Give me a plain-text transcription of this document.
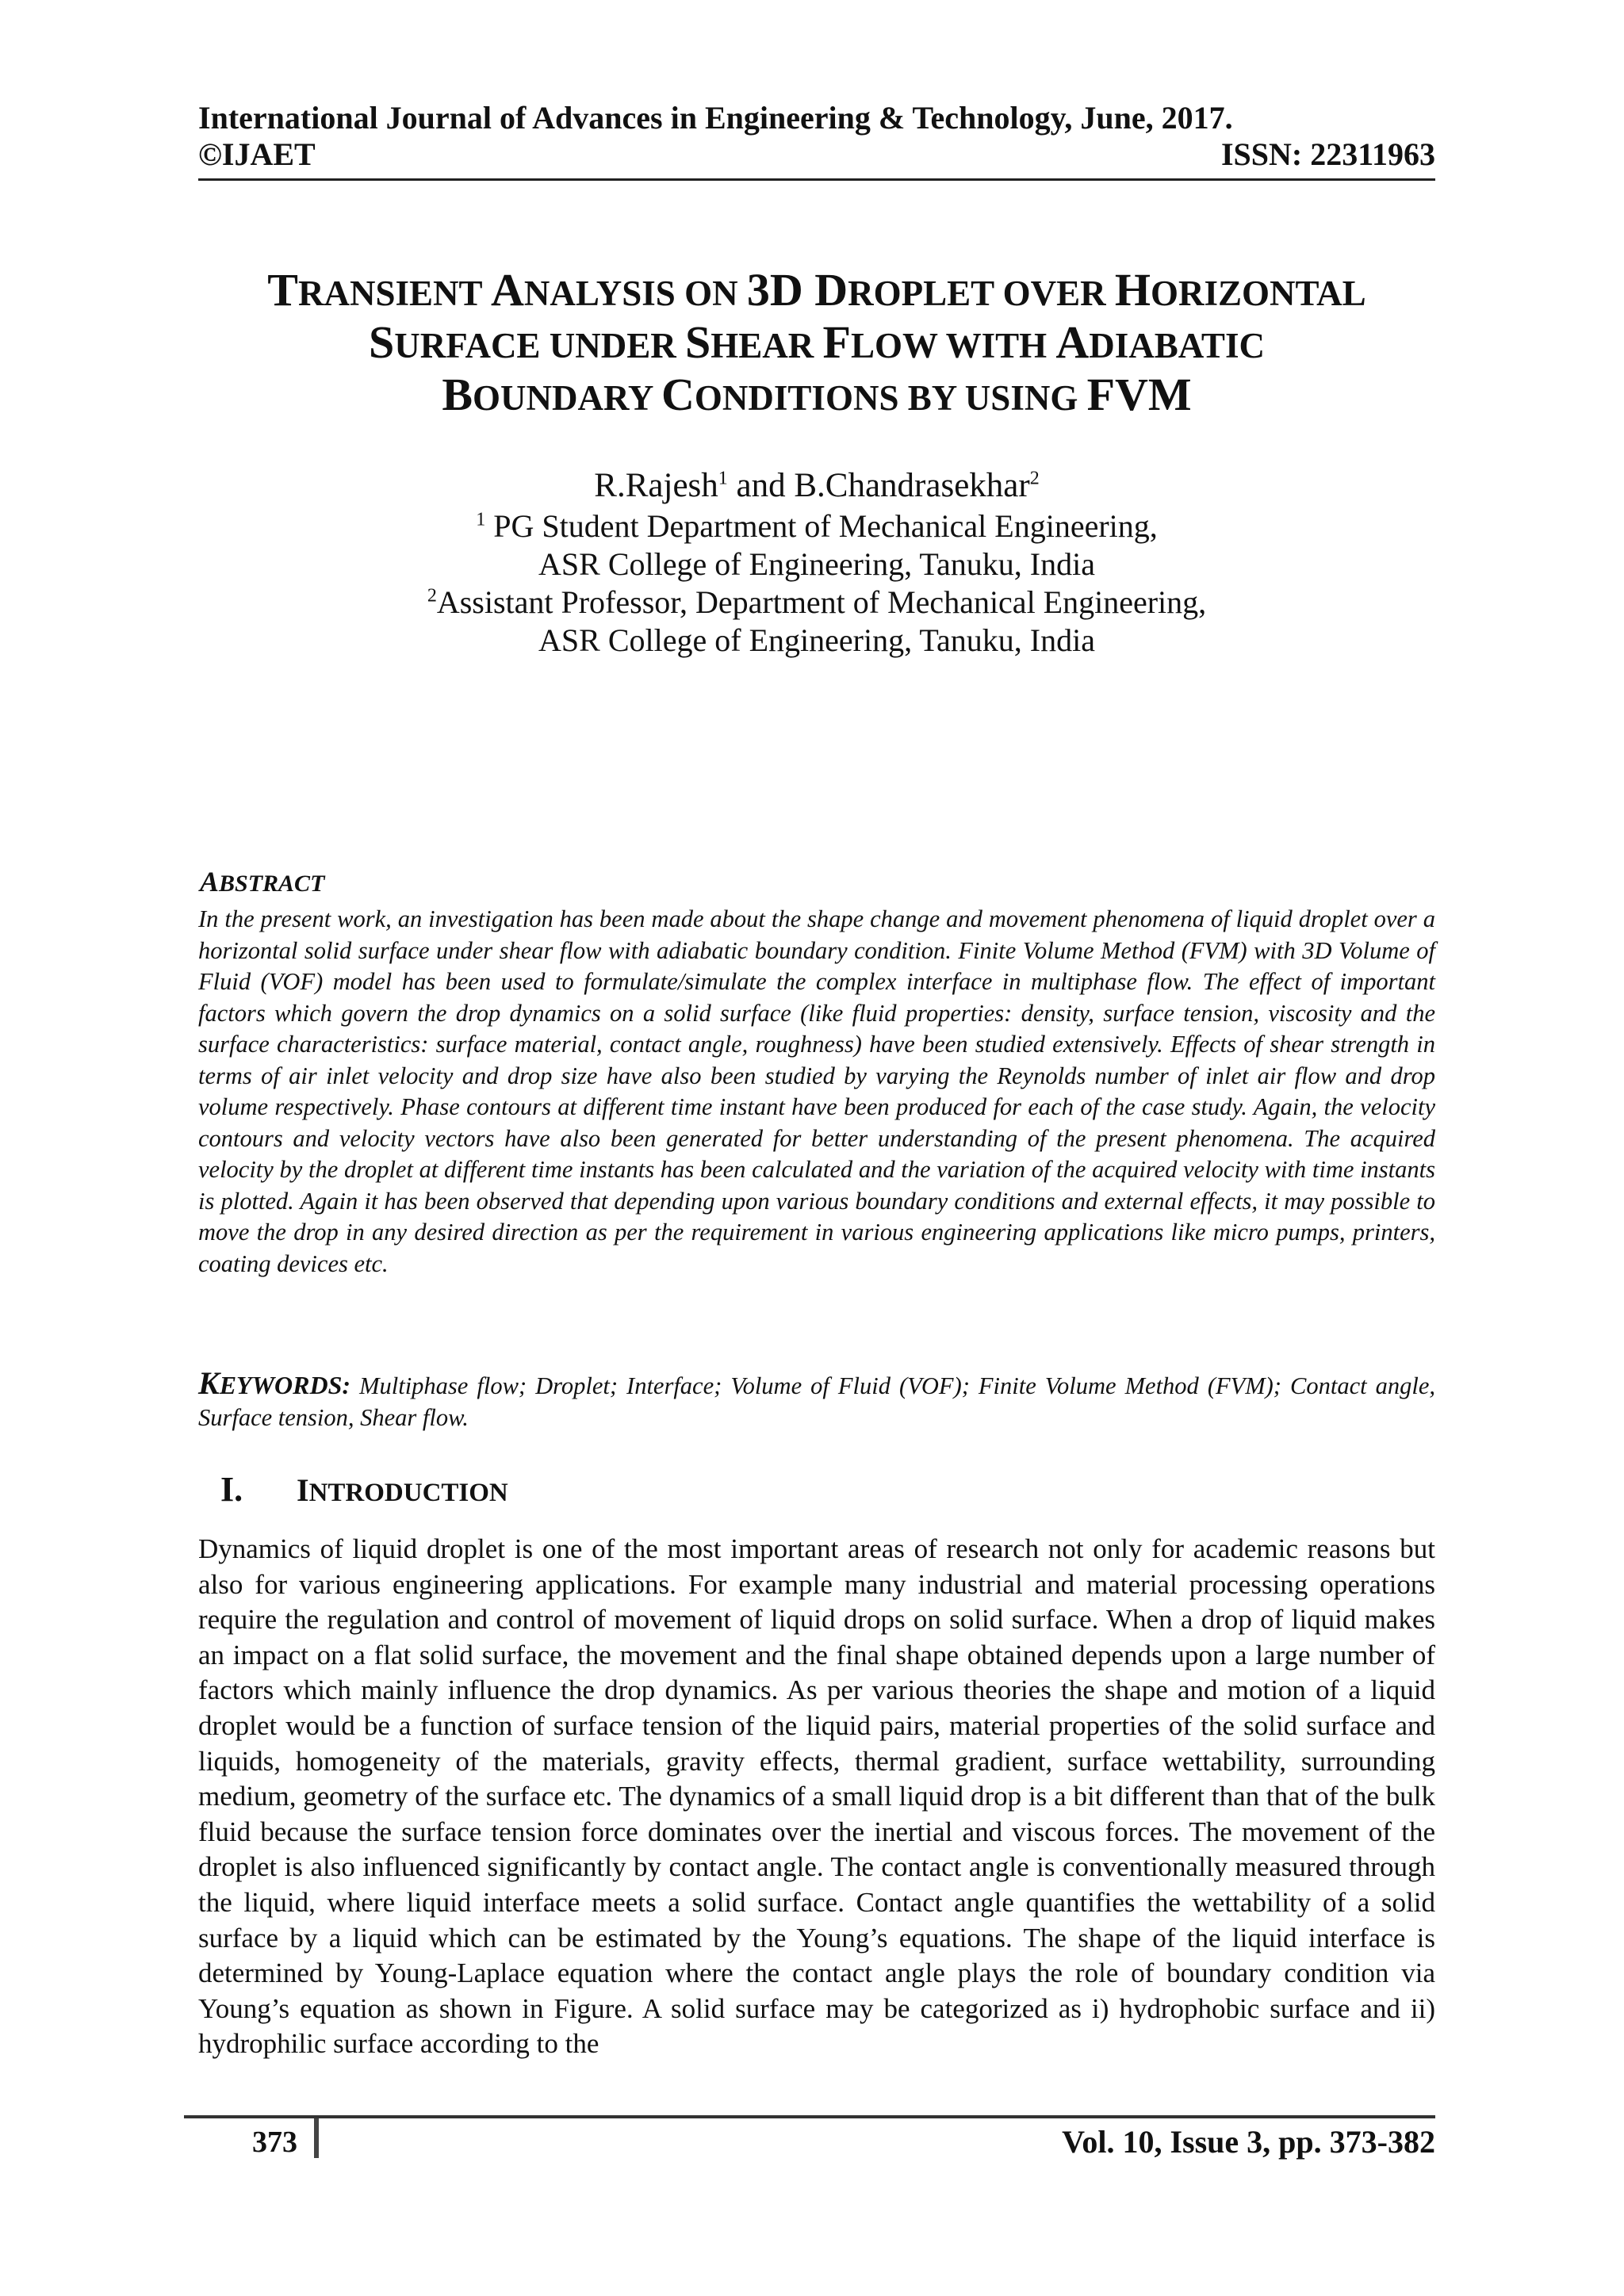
International Journal of Advances in Engineering & Technology, June, 2017.
©IJAET	ISSN: 22311963
TRANSIENT ANALYSIS ON 3D DROPLET OVER HORIZONTAL
SURFACE UNDER SHEAR FLOW WITH ADIABATIC
BOUNDARY CONDITIONS BY USING FVM
R.Rajesh$^1$ and B.Chandrasekhar$^2$
$^1$ PG Student Department of Mechanical Engineering,
ASR College of Engineering, Tanuku, India
$^2$Assistant Professor, Department of Mechanical Engineering,
ASR College of Engineering, Tanuku, India
ABSTRACT

In the present work, an investigation has been made about the shape change and movement phenomena of liquid droplet over a horizontal solid surface under shear flow with adiabatic boundary condition. Finite Volume Method (FVM) with 3D Volume of Fluid (VOF) model has been used to formulate/simulate the complex interface in multiphase flow. The effect of important factors which govern the drop dynamics on a solid surface (like fluid properties: density, surface tension, viscosity and the surface characteristics: surface material, contact angle, roughness) have been studied extensively. Effects of shear strength in terms of air inlet velocity and drop size have also been studied by varying the Reynolds number of inlet air flow and drop volume respectively. Phase contours at different time instant have been produced for each of the case study. Again, the velocity contours and velocity vectors have also been generated for better understanding of the present phenomena. The acquired velocity by the droplet at different time instants has been calculated and the variation of the acquired velocity with time instants is plotted. Again it has been observed that depending upon various boundary conditions and external effects, it may possible to move the drop in any desired direction as per the requirement in various engineering applications like micro pumps, printers, coating devices etc.

KEYWORDS: Multiphase flow; Droplet; Interface; Volume of Fluid (VOF); Finite Volume Method (FVM); Contact angle, Surface tension, Shear flow.

I. INTRODUCTION

Dynamics of liquid droplet is one of the most important areas of research not only for academic reasons but also for various engineering applications. For example many industrial and material processing operations require the regulation and control of movement of liquid drops on solid surface. When a drop of liquid makes an impact on a flat solid surface, the movement and the final shape obtained depends upon a large number of factors which mainly influence the drop dynamics. As per various theories the shape and motion of a liquid droplet would be a function of surface tension of the liquid pairs, material properties of the solid surface and liquids, homogeneity of the materials, gravity effects, thermal gradient, surface wettability, surrounding medium, geometry of the surface etc. The dynamics of a small liquid drop is a bit different than that of the bulk fluid because the surface tension force dominates over the inertial and viscous forces. The movement of the droplet is also influenced significantly by contact angle. The contact angle is conventionally measured through the liquid, where liquid interface meets a solid surface. Contact angle quantifies the wettability of a solid surface by a liquid which can be estimated by the Young’s equations. The shape of the liquid interface is determined by Young-Laplace equation where the contact angle plays the role of boundary condition via Young’s equation as shown in Figure. A solid surface may be categorized as i) hydrophobic surface and ii) hydrophilic surface according to the

373	Vol. 10, Issue 3, pp. 373-382
